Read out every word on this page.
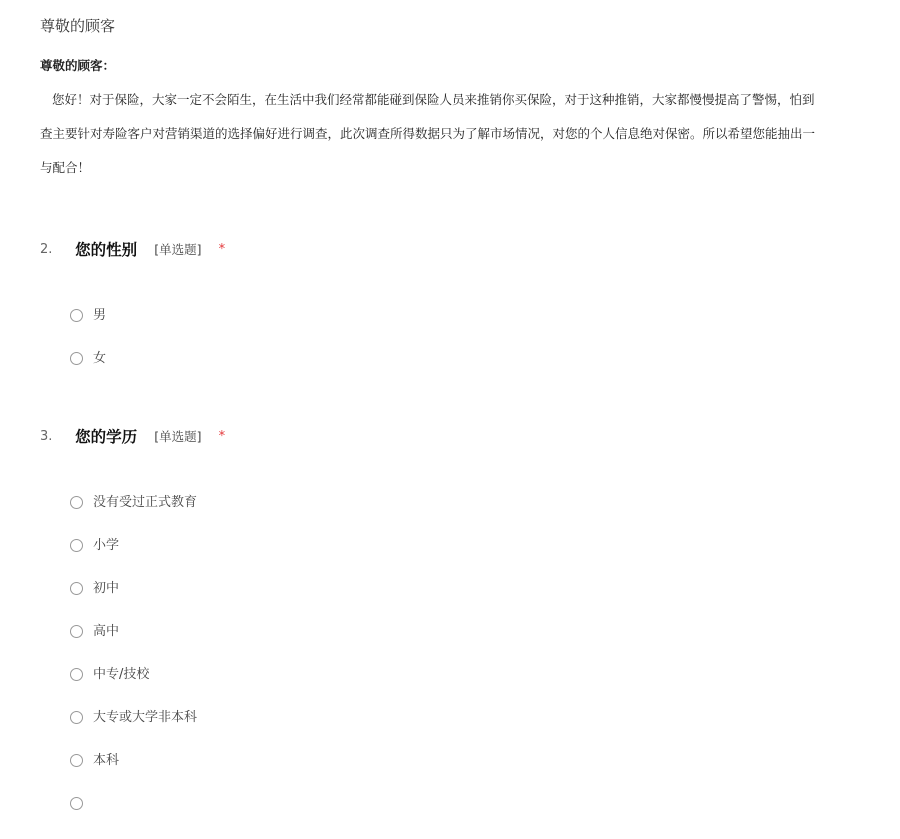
尊敬的顾客
尊敬的顾客：
您好！对于保险，大家一定不会陌生，在生活中我们经常都能碰到保险人员来推销你买保险，对于这种推销，大家都慢慢提高了警惕，怕到
查主要针对寿险客户对营销渠道的选择偏好进行调查，此次调查所得数据只为了解市场情况，对您的个人信息绝对保密。所以希望您能抽出一
与配合！
2. 您的性别 [单选题] *
男
女
3. 您的学历 [单选题] *
没有受过正式教育
小学
初中
高中
中专/技校
大专或大学非本科
本科
